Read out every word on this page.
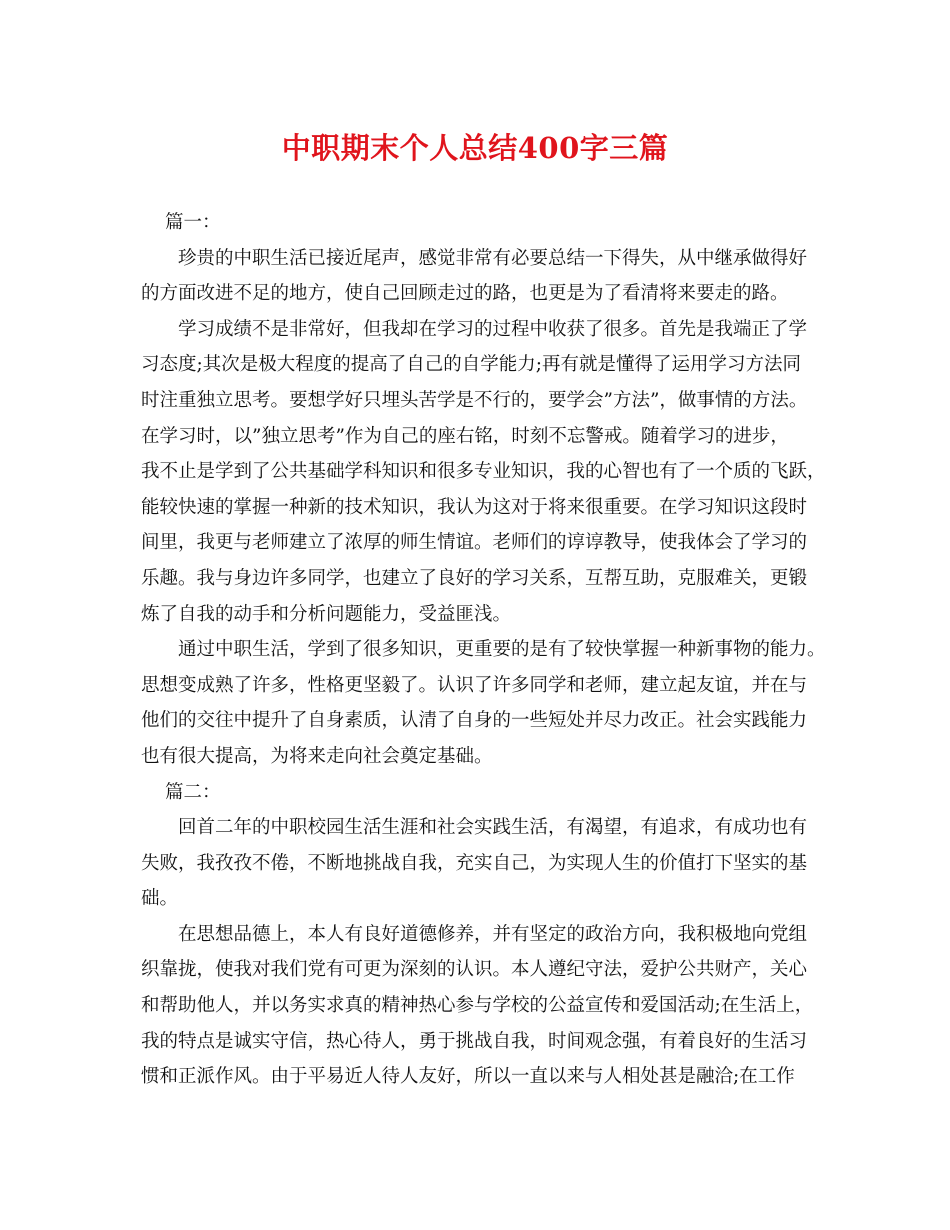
中职期末个人总结400字三篇
篇一：
珍贵的中职生活已接近尾声，感觉非常有必要总结一下得失，从中继承做得好
的方面改进不足的地方，使自己回顾走过的路，也更是为了看清将来要走的路。
学习成绩不是非常好，但我却在学习的过程中收获了很多。首先是我端正了学
习态度;其次是极大程度的提高了自己的自学能力;再有就是懂得了运用学习方法同
时注重独立思考。要想学好只埋头苦学是不行的，要学会”方法”，做事情的方法。
在学习时，以”独立思考”作为自己的座右铭，时刻不忘警戒。随着学习的进步，
我不止是学到了公共基础学科知识和很多专业知识，我的心智也有了一个质的飞跃，
能较快速的掌握一种新的技术知识，我认为这对于将来很重要。在学习知识这段时
间里，我更与老师建立了浓厚的师生情谊。老师们的谆谆教导，使我体会了学习的
乐趣。我与身边许多同学，也建立了良好的学习关系，互帮互助，克服难关，更锻
炼了自我的动手和分析问题能力，受益匪浅。
通过中职生活，学到了很多知识，更重要的是有了较快掌握一种新事物的能力。
思想变成熟了许多，性格更坚毅了。认识了许多同学和老师，建立起友谊，并在与
他们的交往中提升了自身素质，认清了自身的一些短处并尽力改正。社会实践能力
也有很大提高，为将来走向社会奠定基础。
篇二：
回首二年的中职校园生活生涯和社会实践生活，有渴望，有追求，有成功也有
失败，我孜孜不倦，不断地挑战自我，充实自己，为实现人生的价值打下坚实的基
础。
在思想品德上，本人有良好道德修养，并有坚定的政治方向，我积极地向党组
织靠拢，使我对我们党有可更为深刻的认识。本人遵纪守法，爱护公共财产，关心
和帮助他人，并以务实求真的精神热心参与学校的公益宣传和爱国活动;在生活上，
我的特点是诚实守信，热心待人，勇于挑战自我，时间观念强，有着良好的生活习
惯和正派作风。由于平易近人待人友好，所以一直以来与人相处甚是融洽;在工作
